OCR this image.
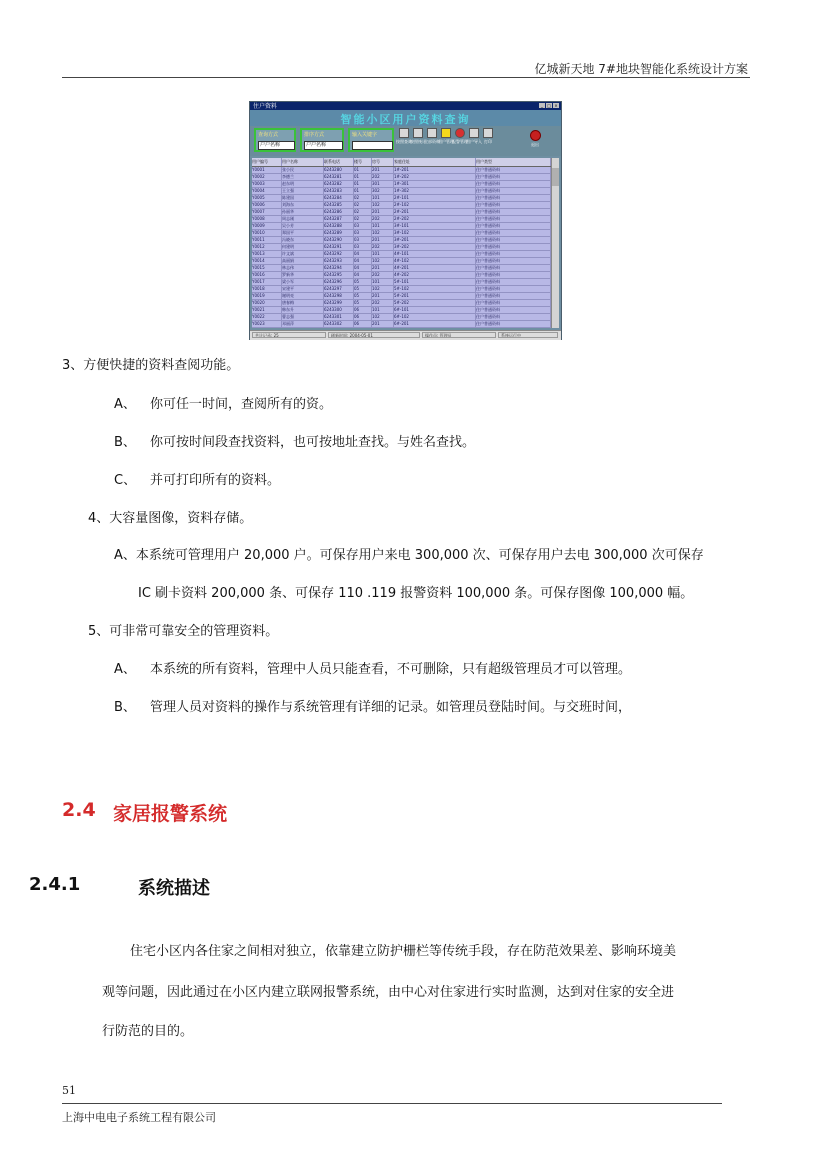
亿城新天地 7#地块智能化系统设计方案
住户资料	_	□ ×
智能小区用户资料查询
查询方式
户户名称
排序方式
户户名称
输入关键字
按照查询
按照统计
全部资料
用户管理
报警管理
用户导入 打印
退出
用户编号	用户名称	联系电话	楼号	房号	家庭住址	用户类型
Y0001	张小民	6243280	01	201	1#-201	住户普通资料
Y0002	李德兰	6243281	01	202	1#-202	住户普通资料
Y0003	赵东明	6243282	01	301	1#-301	住户普通资料
Y0004	王立强	6243283	01	302	1#-302	住户普通资料
Y0005	陈建国	6243284	02	101	2#-101	住户普通资料
Y0006	刘海东	6243285	02	102	2#-102	住户普通资料
Y0007	孙丽华	6243286	02	201	2#-201	住户普通资料
Y0008	周志刚	6243287	02	202	2#-202	住户普通资料
Y0009	吴小芳	6243288	03	101	3#-101	住户普通资料
Y0010	郑国平	6243289	03	102	3#-102	住户普通资料
Y0011	冯晓东	6243290	03	201	3#-201	住户普通资料
Y0012	何建明	6243291	03	202	3#-202	住户普通资料
Y0013	许文斌	6243292	04	101	4#-101	住户普通资料
Y0014	高丽娟	6243293	04	102	4#-102	住户普通资料
Y0015	林志伟	6243294	04	201	4#-201	住户普通资料
Y0016	罗新华	6243295	04	202	4#-202	住户普通资料
Y0017	梁小军	6243296	05	101	5#-101	住户普通资料
Y0018	宋建平	6243297	05	102	5#-102	住户普通资料
Y0019	谢明亮	6243298	05	201	5#-201	住户普通资料
Y0020	唐春梅	6243299	05	202	5#-202	住户普通资料
Y0021	韩东升	6243300	06	101	6#-101	住户普通资料
Y0022	曹志强	6243301	06	102	6#-102	住户普通资料
Y0023	邓丽萍	6243302	06	201	6#-201	住户普通资料
共计记录: 25	刷新时间: 2004-05-01	操作员: 管理员	系统运行中
3、方便快捷的资料查阅功能。
A、 你可任一时间，查阅所有的资。
B、 你可按时间段查找资料，也可按地址查找。与姓名查找。
C、 并可打印所有的资料。
4、大容量图像，资料存储。
A、本系统可管理用户 20,000 户。可保存用户来电 300,000 次、可保存用户去电 300,000 次可保存
IC 刷卡资料 200,000 条、可保存 110 .119 报警资料 100,000 条。可保存图像 100,000 幅。
5、可非常可靠安全的管理资料。
A、 本系统的所有资料，管理中人员只能查看，不可删除，只有超级管理员才可以管理。
B、 管理人员对资料的操作与系统管理有详细的记录。如管理员登陆时间。与交班时间，
2.4 家居报警系统
2.4.1	系统描述
住宅小区内各住家之间相对独立，依靠建立防护栅栏等传统手段，存在防范效果差、影响环境美
观等问题，因此通过在小区内建立联网报警系统，由中心对住家进行实时监测，达到对住家的安全进
行防范的目的。
51
上海中电电子系统工程有限公司
